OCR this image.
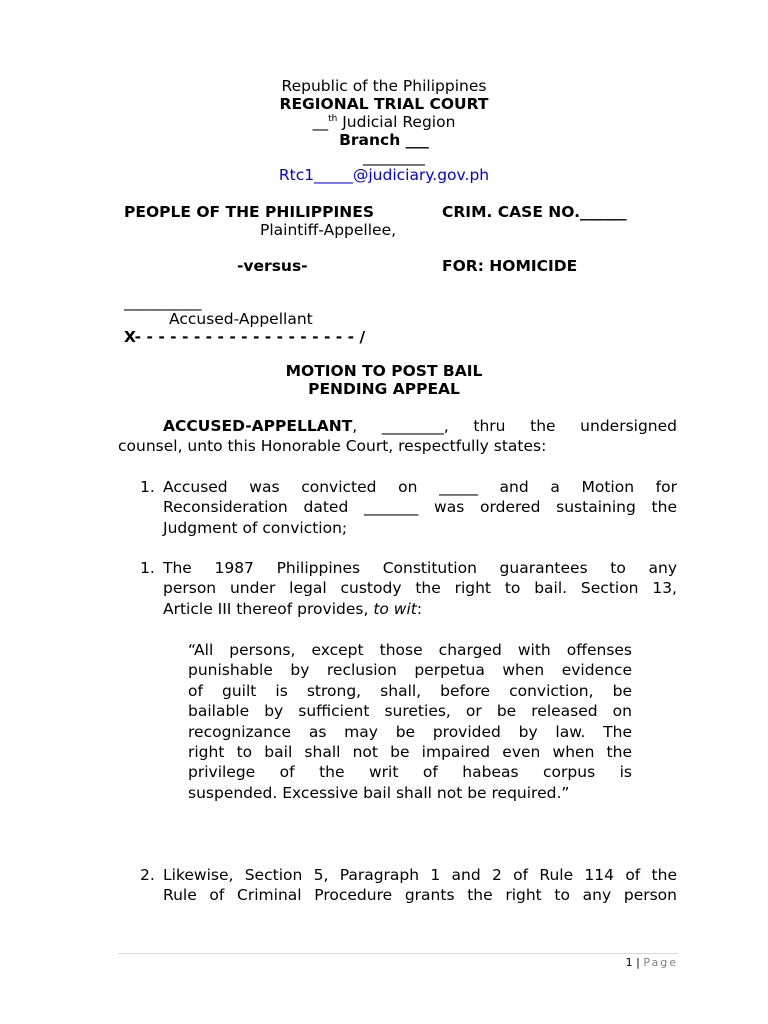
Republic of the Philippines
REGIONAL TRIAL COURT
__$^{th}$ Judicial Region
Branch ___
________
Rtc1_____@judiciary.gov.ph
PEOPLE OF THE PHILIPPINES	CRIM. CASE NO.______
Plaintiff-Appellee,
-versus-	FOR: HOMICIDE
__________
Accused-Appellant
X- - - - - - - - - - - - - - - - - - - /
MOTION TO POST BAIL
PENDING APPEAL
ACCUSED-APPELLANT, ________, thru the undersigned
counsel, unto this Honorable Court, respectfully states:
1. Accused was convicted on _____ and a Motion for
Reconsideration dated _______ was ordered sustaining the
Judgment of conviction;
1. The 1987 Philippines Constitution guarantees to any
person under legal custody the right to bail. Section 13,
Article III thereof provides, to wit:
“All persons, except those charged with offenses
punishable by reclusion perpetua when evidence
of guilt is strong, shall, before conviction, be
bailable by sufficient sureties, or be released on
recognizance as may be provided by law. The
right to bail shall not be impaired even when the
privilege of the writ of habeas corpus is
suspended. Excessive bail shall not be required.”
2. Likewise, Section 5, Paragraph 1 and 2 of Rule 114 of the
Rule of Criminal Procedure grants the right to any person
1 | Page
